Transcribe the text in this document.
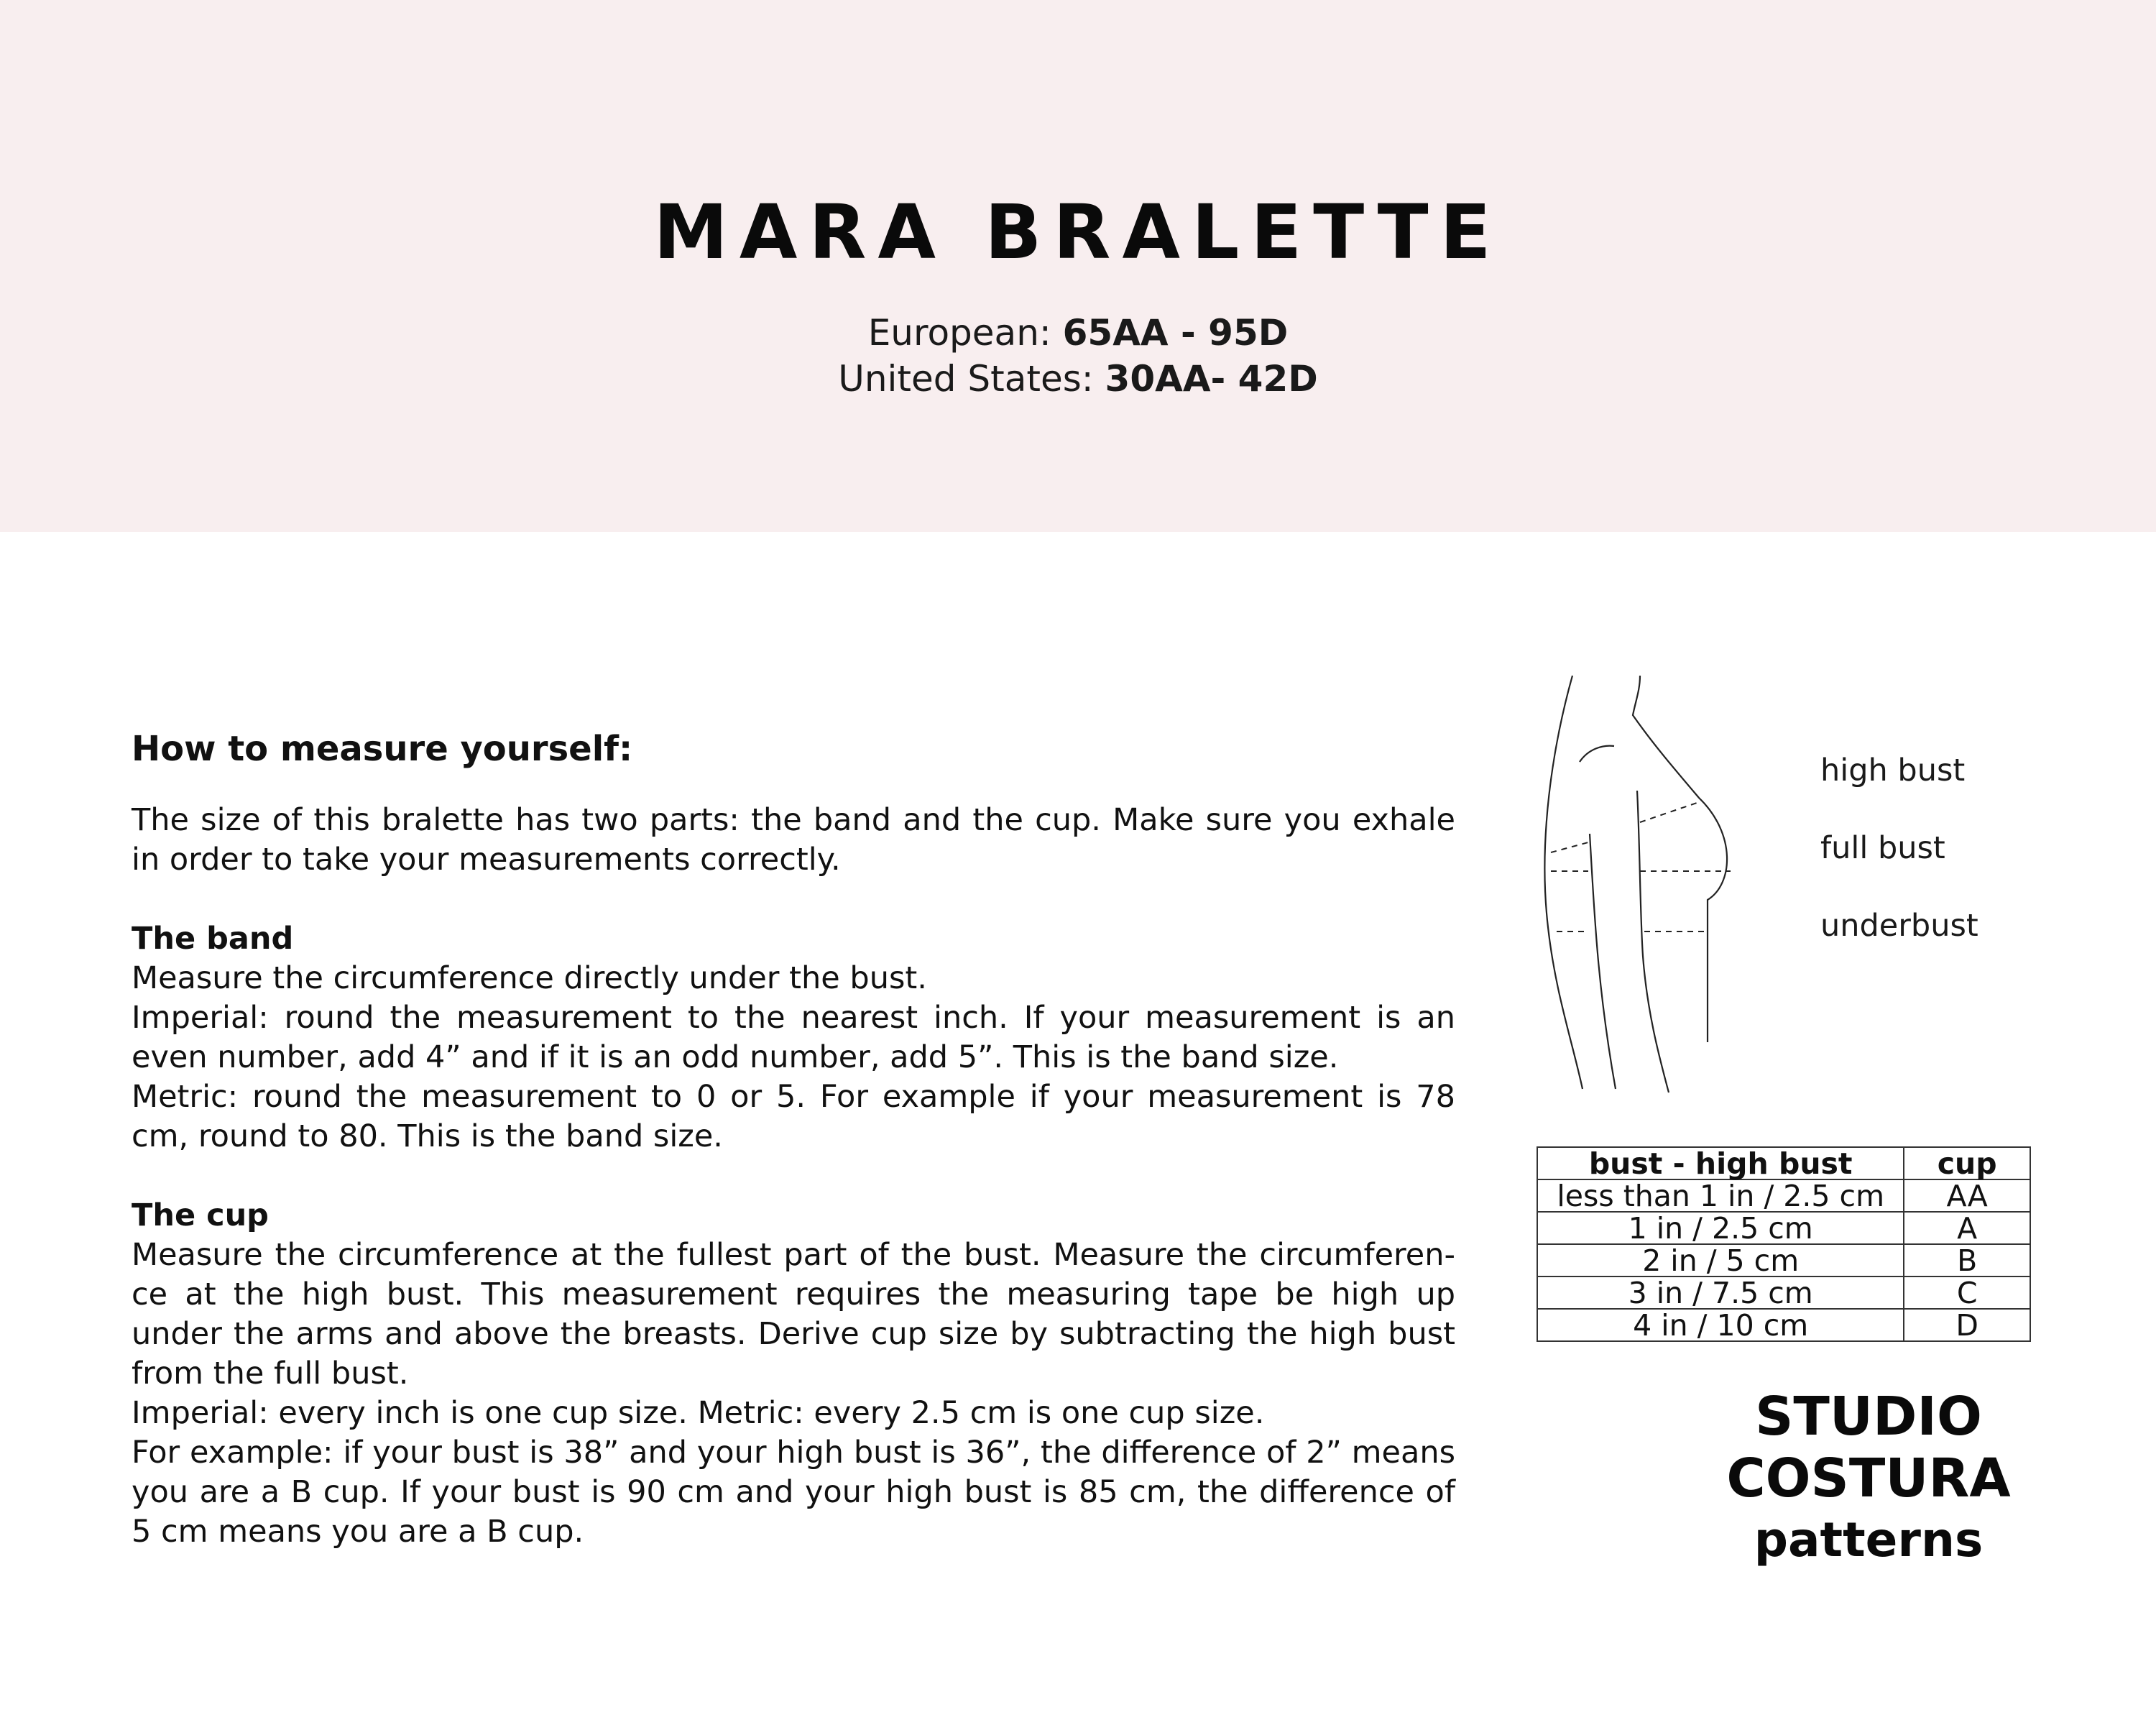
MARA BRALETTE
European: 65AA - 95D
United States: 30AA- 42D
How to measure yourself:

The size of this bralette has two parts: the band and the cup. Make sure you exhale in order to take your measurements correctly.

The band

Measure the circumference directly under the bust.

Imperial: round the measurement to the nearest inch. If your measurement is an even number, add 4” and if it is an odd number, add 5”. This is the band size.

Metric: round the measurement to 0 or 5. For example if your measurement is 78 cm, round to 80. This is the band size.

The cup

Measure the circumference at the fullest part of the bust. Measure the circumferen-ce at the high bust. This measurement requires the measuring tape be high up under the arms and above the breasts. Derive cup size by subtracting the high bust from the full bust.

Imperial: every inch is one cup size. Metric: every 2.5 cm is one cup size.

For example: if your bust is 38” and your high bust is 36”, the difference of 2” means you are a B cup. If your bust is 90 cm and your high bust is 85 cm, the difference of 5 cm means you are a B cup.

high bust
full bust
underbust
bust - high bust	cup
less than 1 in / 2.5 cm	AA
1 in / 2.5 cm	A
2 in / 5 cm	B
3 in / 7.5 cm	C
4 in / 10 cm	D
STUDIO
COSTURA
patterns
